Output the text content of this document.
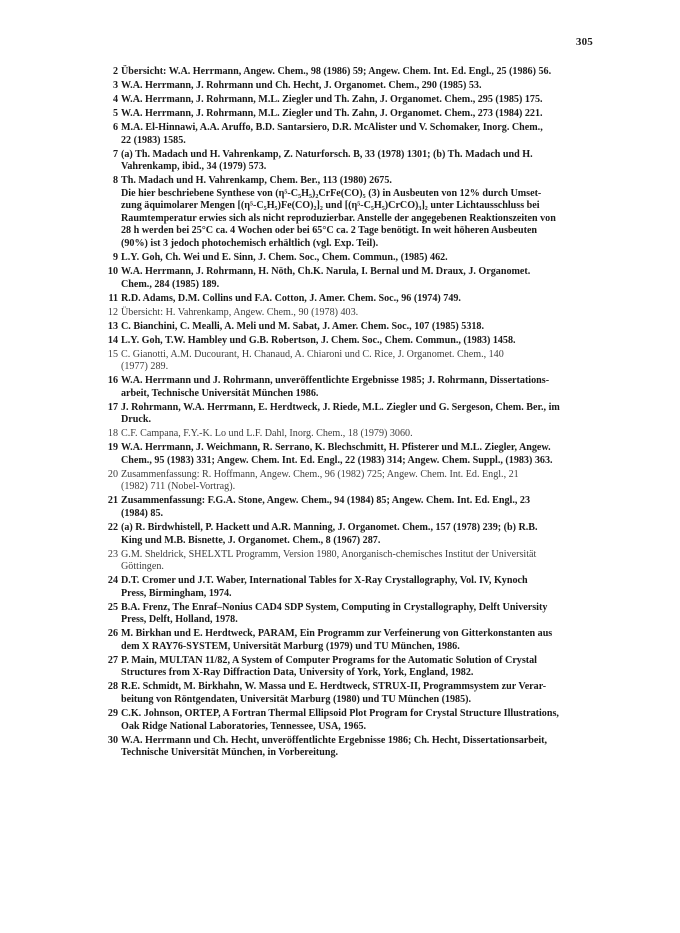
305
2 Übersicht: W.A. Herrmann, Angew. Chem., 98 (1986) 59; Angew. Chem. Int. Ed. Engl., 25 (1986) 56.
3 W.A. Herrmann, J. Rohrmann und Ch. Hecht, J. Organomet. Chem., 290 (1985) 53.
4 W.A. Herrmann, J. Rohrmann, M.L. Ziegler und Th. Zahn, J. Organomet. Chem., 295 (1985) 175.
5 W.A. Herrmann, J. Rohrmann, M.L. Ziegler und Th. Zahn, J. Organomet. Chem., 273 (1984) 221.
6 M.A. El-Hinnawi, A.A. Aruffo, B.D. Santarsiero, D.R. McAlister und V. Schomaker, Inorg. Chem.,
22 (1983) 1585.
7 (a) Th. Madach und H. Vahrenkamp, Z. Naturforsch. B, 33 (1978) 1301; (b) Th. Madach und H.
Vahrenkamp, ibid., 34 (1979) 573.
8 Th. Madach und H. Vahrenkamp, Chem. Ber., 113 (1980) 2675.
Die hier beschriebene Synthese von (η⁵-C₅H₅)₂CrFe(CO)₅ (3) in Ausbeuten von 12% durch Umset-
zung äquimolarer Mengen [(η⁵-C₅H₅)Fe(CO)₂]₂ und [(η⁵-C₅H₅)CrCO)₃]₂ unter Lichtausschluss bei
Raumtemperatur erwies sich als nicht reproduzierbar. Anstelle der angegebenen Reaktionszeiten von
28 h werden bei 25°C ca. 4 Wochen oder bei 65°C ca. 2 Tage benötigt. In weit höheren Ausbeuten
(90%) ist 3 jedoch photochemisch erhältlich (vgl. Exp. Teil).
9 L.Y. Goh, Ch. Wei und E. Sinn, J. Chem. Soc., Chem. Commun., (1985) 462.
10 W.A. Herrmann, J. Rohrmann, H. Nöth, Ch.K. Narula, I. Bernal und M. Draux, J. Organomet.
Chem., 284 (1985) 189.
11 R.D. Adams, D.M. Collins und F.A. Cotton, J. Amer. Chem. Soc., 96 (1974) 749.
12 Übersicht: H. Vahrenkamp, Angew. Chem., 90 (1978) 403.
13 C. Bianchini, C. Mealli, A. Meli und M. Sabat, J. Amer. Chem. Soc., 107 (1985) 5318.
14 L.Y. Goh, T.W. Hambley und G.B. Robertson, J. Chem. Soc., Chem. Commun., (1983) 1458.
15 C. Gianotti, A.M. Ducourant, H. Chanaud, A. Chiaroni und C. Rice, J. Organomet. Chem., 140
(1977) 289.
16 W.A. Herrmann und J. Rohrmann, unveröffentlichte Ergebnisse 1985; J. Rohrmann, Dissertations-
arbeit, Technische Universität München 1986.
17 J. Rohrmann, W.A. Herrmann, E. Herdtweck, J. Riede, M.L. Ziegler und G. Sergeson, Chem. Ber., im
Druck.
18 C.F. Campana, F.Y.-K. Lo und L.F. Dahl, Inorg. Chem., 18 (1979) 3060.
19 W.A. Herrmann, J. Weichmann, R. Serrano, K. Blechschmitt, H. Pfisterer und M.L. Ziegler, Angew.
Chem., 95 (1983) 331; Angew. Chem. Int. Ed. Engl., 22 (1983) 314; Angew. Chem. Suppl., (1983) 363.
20 Zusammenfassung: R. Hoffmann, Angew. Chem., 96 (1982) 725; Angew. Chem. Int. Ed. Engl., 21
(1982) 711 (Nobel-Vortrag).
21 Zusammenfassung: F.G.A. Stone, Angew. Chem., 94 (1984) 85; Angew. Chem. Int. Ed. Engl., 23
(1984) 85.
22 (a) R. Birdwhistell, P. Hackett und A.R. Manning, J. Organomet. Chem., 157 (1978) 239; (b) R.B.
King und M.B. Bisnette, J. Organomet. Chem., 8 (1967) 287.
23 G.M. Sheldrick, SHELXTL Programm, Version 1980, Anorganisch-chemisches Institut der Universität
Göttingen.
24 D.T. Cromer und J.T. Waber, International Tables for X-Ray Crystallography, Vol. IV, Kynoch
Press, Birmingham, 1974.
25 B.A. Frenz, The Enraf–Nonius CAD4 SDP System, Computing in Crystallography, Delft University
Press, Delft, Holland, 1978.
26 M. Birkhan und E. Herdtweck, PARAM, Ein Programm zur Verfeinerung von Gitterkonstanten aus
dem X RAY76-SYSTEM, Universität Marburg (1979) und TU München, 1986.
27 P. Main, MULTAN 11/82, A System of Computer Programs for the Automatic Solution of Crystal
Structures from X-Ray Diffraction Data, University of York, York, England, 1982.
28 R.E. Schmidt, M. Birkhahn, W. Massa und E. Herdtweck, STRUX-II, Programmsystem zur Verar-
beitung von Röntgendaten, Universität Marburg (1980) und TU München (1985).
29 C.K. Johnson, ORTEP, A Fortran Thermal Ellipsoid Plot Program for Crystal Structure Illustrations,
Oak Ridge National Laboratories, Tennessee, USA, 1965.
30 W.A. Herrmann und Ch. Hecht, unveröffentlichte Ergebnisse 1986; Ch. Hecht, Dissertationsarbeit,
Technische Universität München, in Vorbereitung.
